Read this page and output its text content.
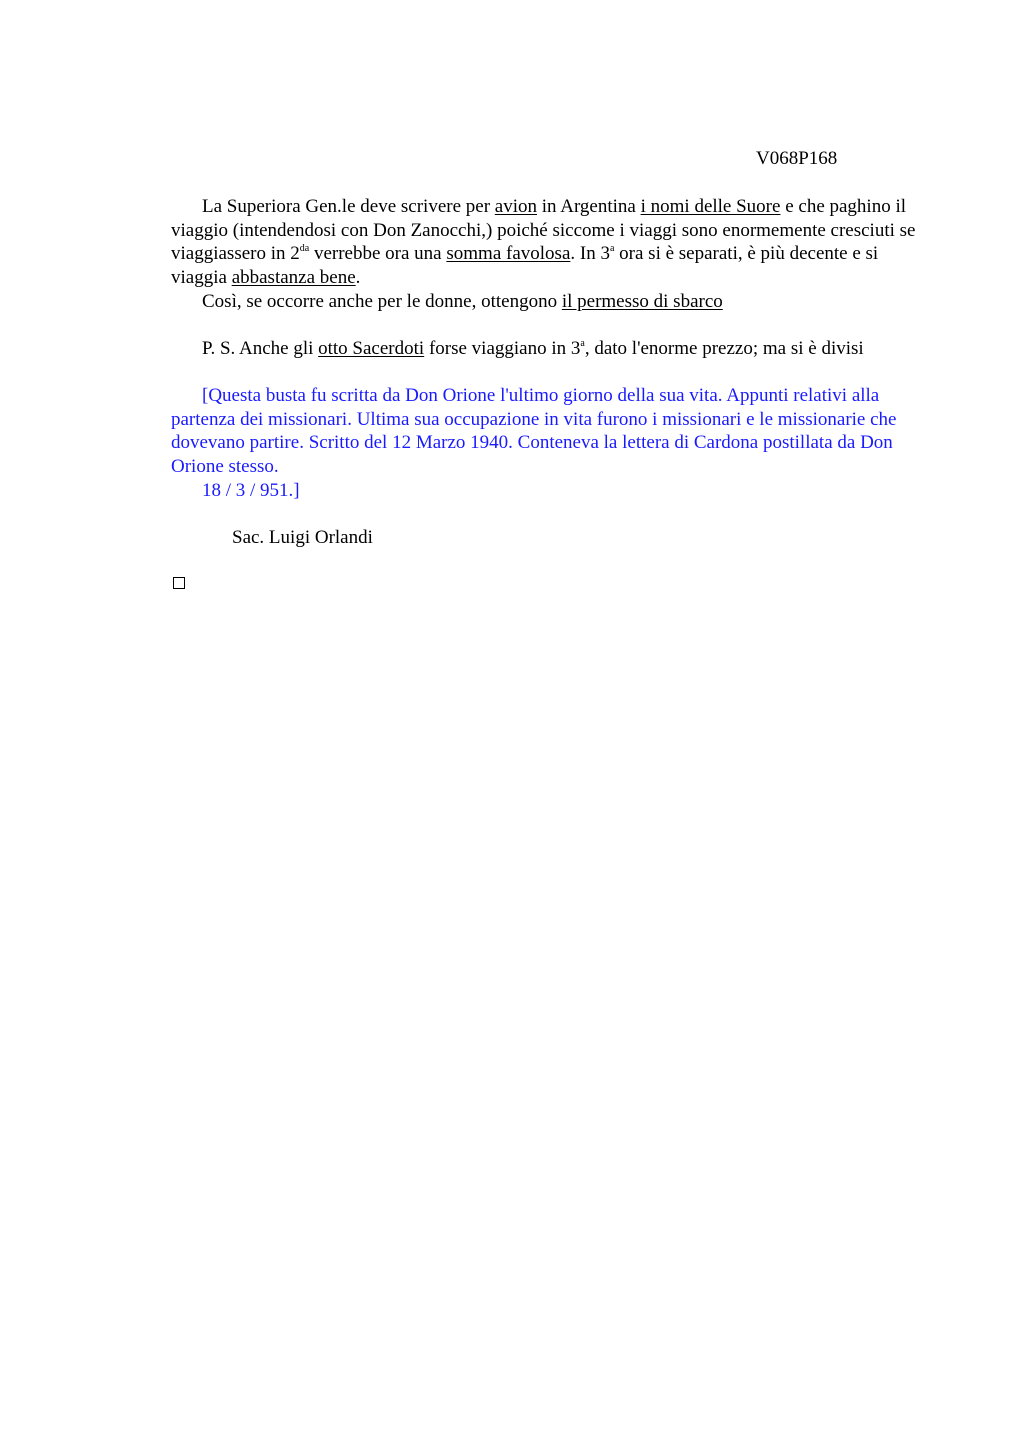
V068P168

La Superiora Gen.le deve scrivere per avion in Argentina i nomi delle Suore e che paghino il viaggio (intendendosi con Don Zanocchi,) poiché siccome i viaggi sono enormemente cresciuti se viaggiassero in $2^{da}$ verrebbe ora una somma favolosa. In 3$^a$ ora si è separati, è più decente e si viaggia abbastanza bene.

Così, se occorre anche per le donne, ottengono il permesso di sbarco

P. S. Anche gli otto Sacerdoti forse viaggiano in 3$^a$, dato l'enorme prezzo; ma si è divisi

[Questa busta fu scritta da Don Orione l'ultimo giorno della sua vita. Appunti relativi alla partenza dei missionari. Ultima sua occupazione in vita furono i missionari e le missionarie che dovevano partire. Scritto del 12 Marzo 1940. Conteneva la lettera di Cardona postillata da Don Orione stesso.

18 / 3 / 951.]

Sac. Luigi Orlandi
